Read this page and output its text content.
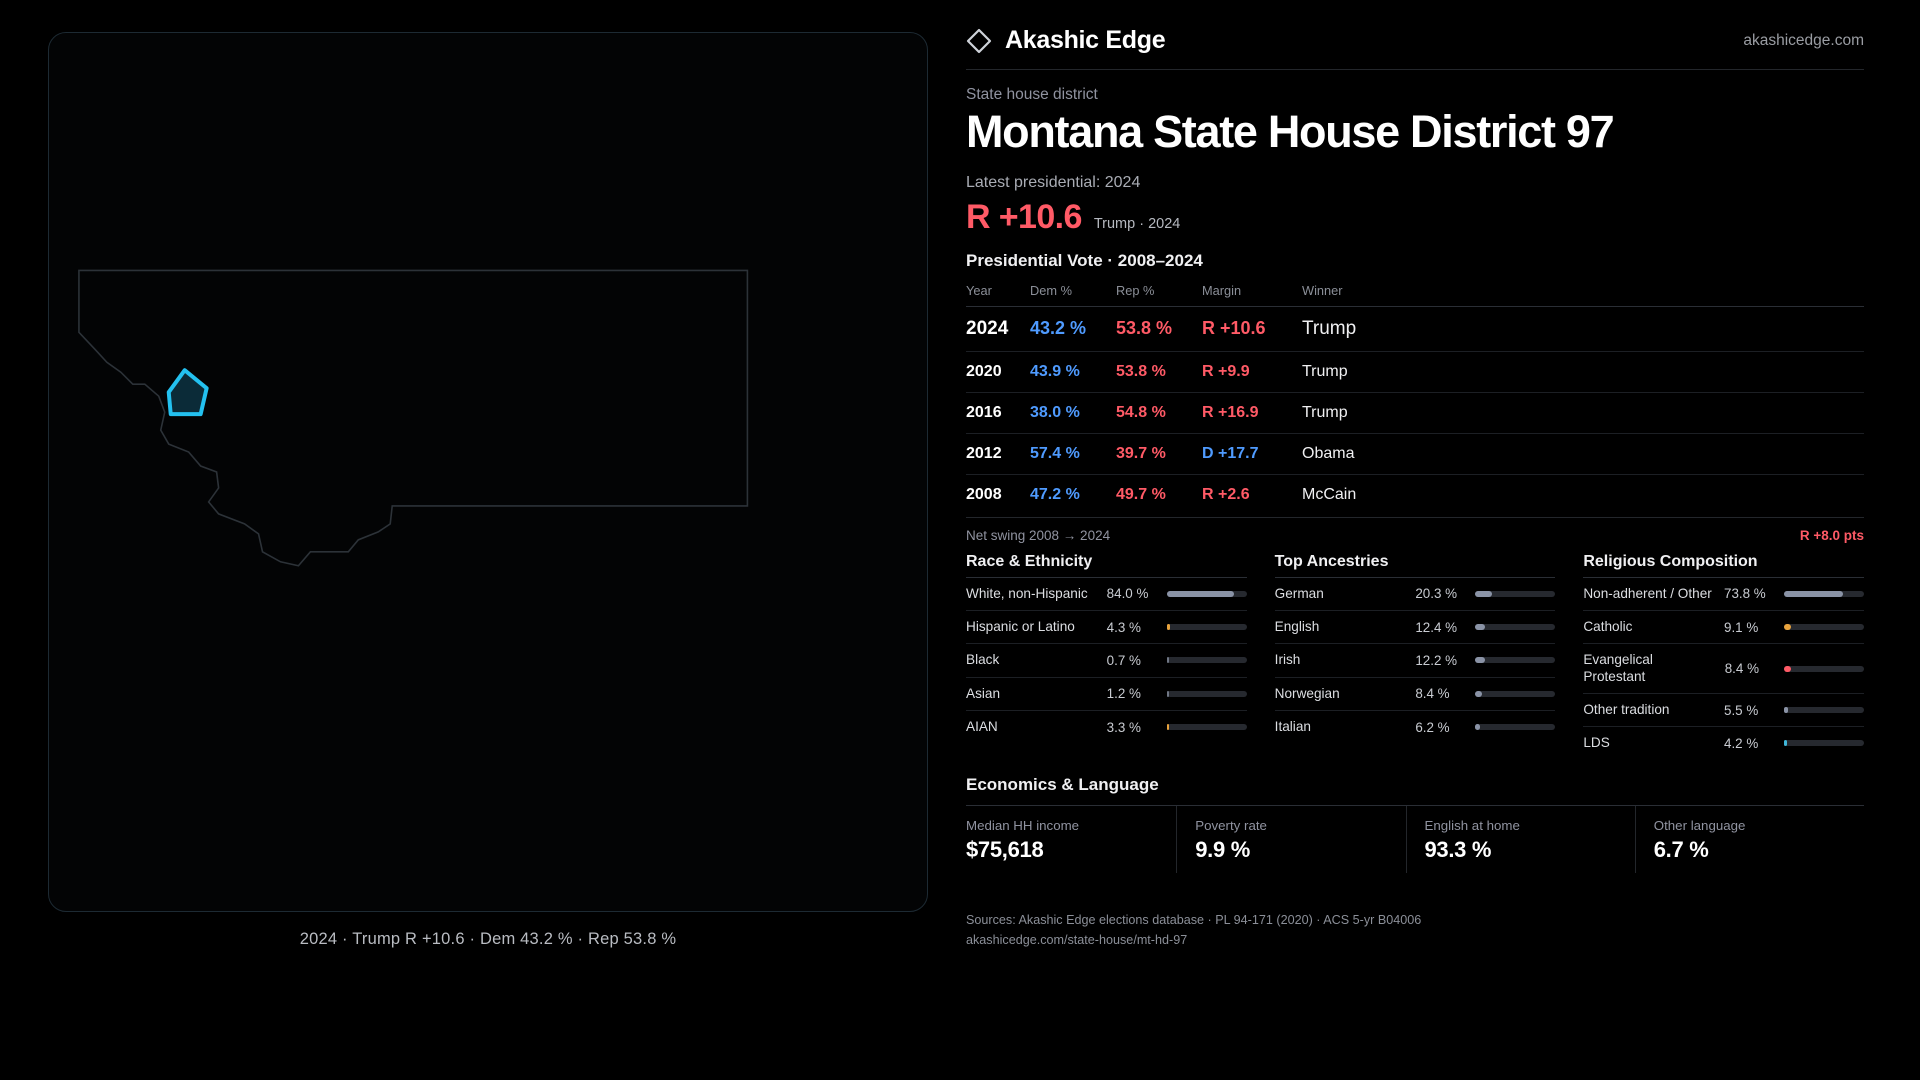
2024 · Trump R +10.6 · Dem 43.2 % · Rep 53.8 %
Akashic Edge	akashicedge.com
State house district
Montana State House District 97
Latest presidential: 2024
R +10.6 Trump · 2024
Presidential Vote · 2008–2024
Year	Dem %	Rep %	Margin	Winner
2024	43.2 %	53.8 %	R +10.6	Trump
2020	43.9 %	53.8 %	R +9.9	Trump
2016	38.0 %	54.8 %	R +16.9	Trump
2012	57.4 %	39.7 %	D +17.7	Obama
2008	47.2 %	49.7 %	R +2.6	McCain
Net swing 2008 → 2024	R +8.0 pts
Race & Ethnicity
White, non-Hispanic	84.0 %
Hispanic or Latino	4.3 %
Black	0.7 %
Asian	1.2 %
AIAN	3.3 %
Top Ancestries
German	20.3 %
English	12.4 %
Irish	12.2 %
Norwegian	8.4 %
Italian	6.2 %
Religious Composition
Non-adherent / Other 73.8 %
Catholic	9.1 %
Evangelical Protestant	8.4 %
Other tradition	5.5 %
LDS	4.2 %
Economics & Language
Median HH income
$75,618
Poverty rate
9.9 %
English at home
93.3 %
Other language
6.7 %
Sources: Akashic Edge elections database · PL 94-171 (2020) · ACS 5-yr B04006
akashicedge.com/state-house/mt-hd-97
